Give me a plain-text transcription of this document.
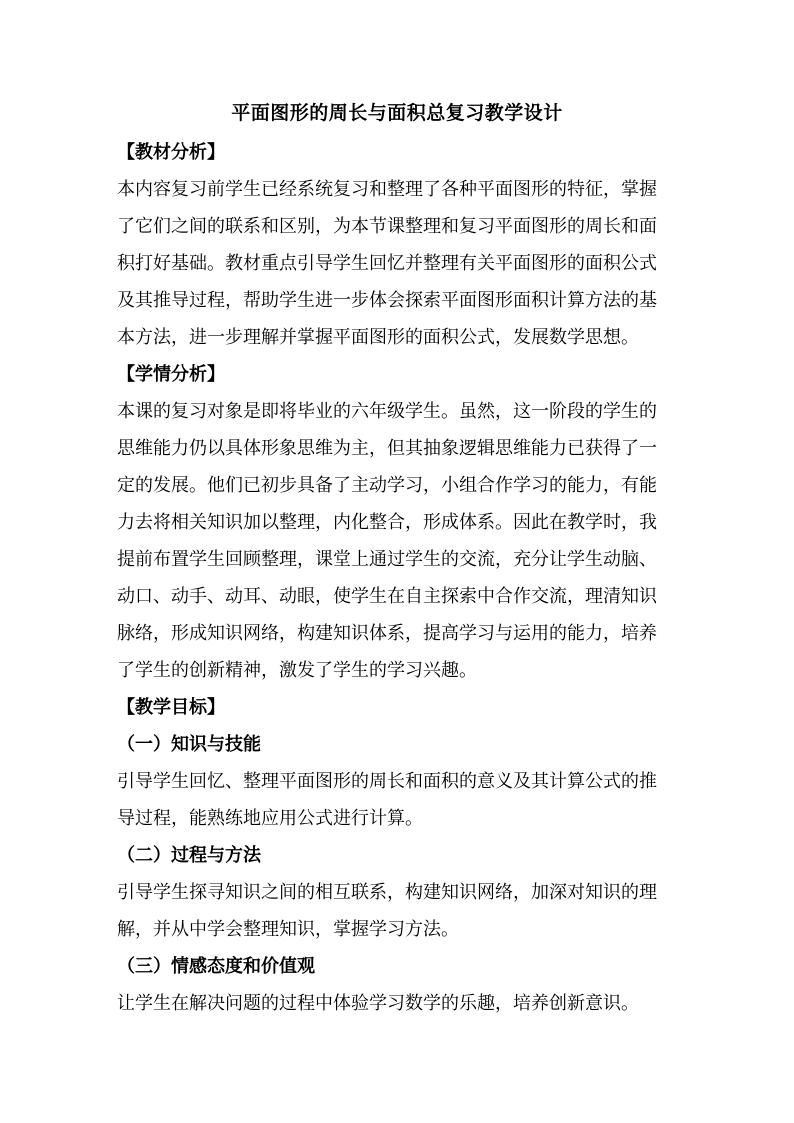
平面图形的周长与面积总复习教学设计
【教材分析】
本内容复习前学生已经系统复习和整理了各种平面图形的特征，掌握
了它们之间的联系和区别，为本节课整理和复习平面图形的周长和面
积打好基础。教材重点引导学生回忆并整理有关平面图形的面积公式
及其推导过程，帮助学生进一步体会探索平面图形面积计算方法的基
本方法，进一步理解并掌握平面图形的面积公式，发展数学思想。
【学情分析】
本课的复习对象是即将毕业的六年级学生。虽然，这一阶段的学生的
思维能力仍以具体形象思维为主，但其抽象逻辑思维能力已获得了一
定的发展。他们已初步具备了主动学习，小组合作学习的能力，有能
力去将相关知识加以整理，内化整合，形成体系。因此在教学时，我
提前布置学生回顾整理，课堂上通过学生的交流，充分让学生动脑、
动口、动手、动耳、动眼，使学生在自主探索中合作交流，理清知识
脉络，形成知识网络，构建知识体系，提高学习与运用的能力，培养
了学生的创新精神，激发了学生的学习兴趣。
【教学目标】
（一）知识与技能
引导学生回忆、整理平面图形的周长和面积的意义及其计算公式的推
导过程，能熟练地应用公式进行计算。
（二）过程与方法
引导学生探寻知识之间的相互联系，构建知识网络，加深对知识的理
解，并从中学会整理知识，掌握学习方法。
（三）情感态度和价值观
让学生在解决问题的过程中体验学习数学的乐趣，培养创新意识。
